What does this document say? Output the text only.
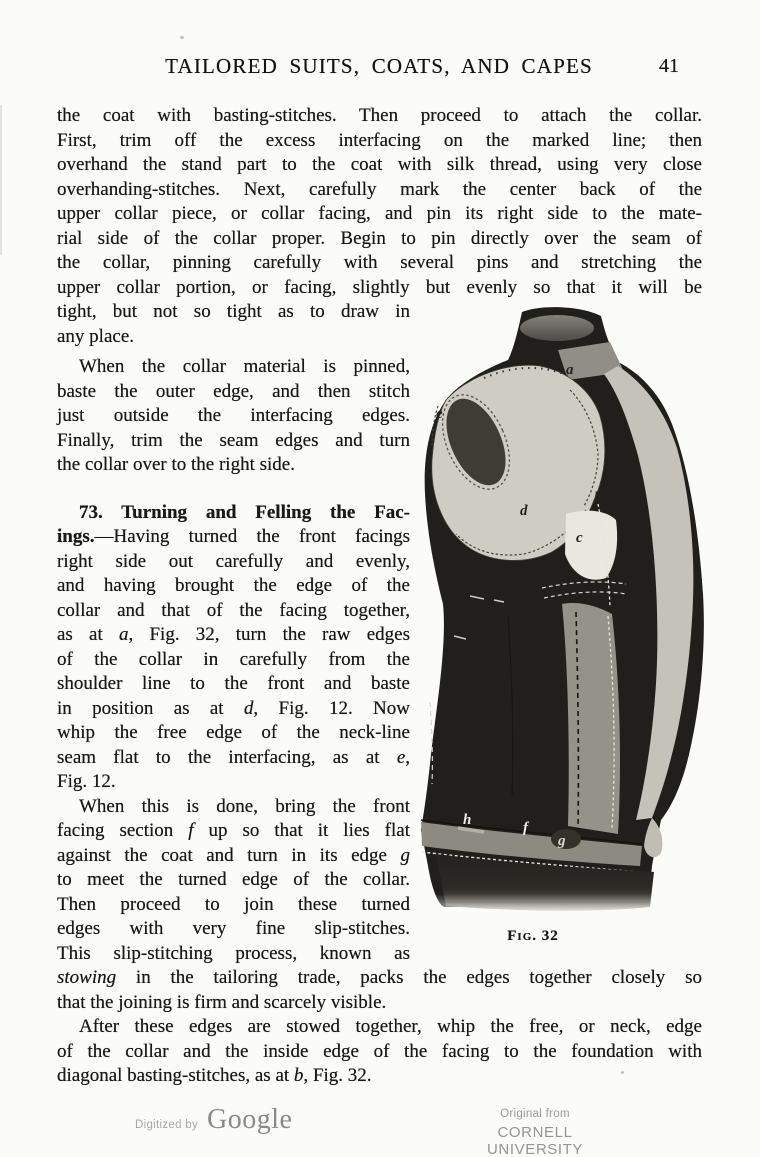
TAILORED SUITS, COATS, AND CAPES	41
the coat with basting-stitches. Then proceed to attach the collar.
First, trim off the excess interfacing on the marked line; then
overhand the stand part to the coat with silk thread, using very close
overhanding-stitches. Next, carefully mark the center back of the
upper collar piece, or collar facing, and pin its right side to the mate-
rial side of the collar proper. Begin to pin directly over the seam of
the collar, pinning carefully with several pins and stretching the
upper collar portion, or facing, slightly but evenly so that it will be
tight, but not so tight as to draw in
any place.
When the collar material is pinned,
baste the outer edge, and then stitch
just outside the interfacing edges.
Finally, trim the seam edges and turn
the collar over to the right side.
73. Turning and Felling the Fac-
ings.—Having turned the front facings
right side out carefully and evenly,
and having brought the edge of the
collar and that of the facing together,
as at a, Fig. 32, turn the raw edges
of the collar in carefully from the
shoulder line to the front and baste
in position as at d, Fig. 12. Now
whip the free edge of the neck-line
seam flat to the interfacing, as at e,
Fig. 12.
When this is done, bring the front
facing section f up so that it lies flat
against the coat and turn in its edge g
to meet the turned edge of the collar.
Then proceed to join these turned
edges with very fine slip-stitches.
This slip-stitching process, known as
stowing in the tailoring trade, packs the edges together closely so
that the joining is firm and scarcely visible.
After these edges are stowed together, whip the free, or neck, edge
of the collar and the inside edge of the facing to the foundation with
diagonal basting-stitches, as at b, Fig. 32.
a
b
c
d
e
f
g
h
Fig. 32
Digitized by Google	Original from
CORNELL UNIVERSITY
